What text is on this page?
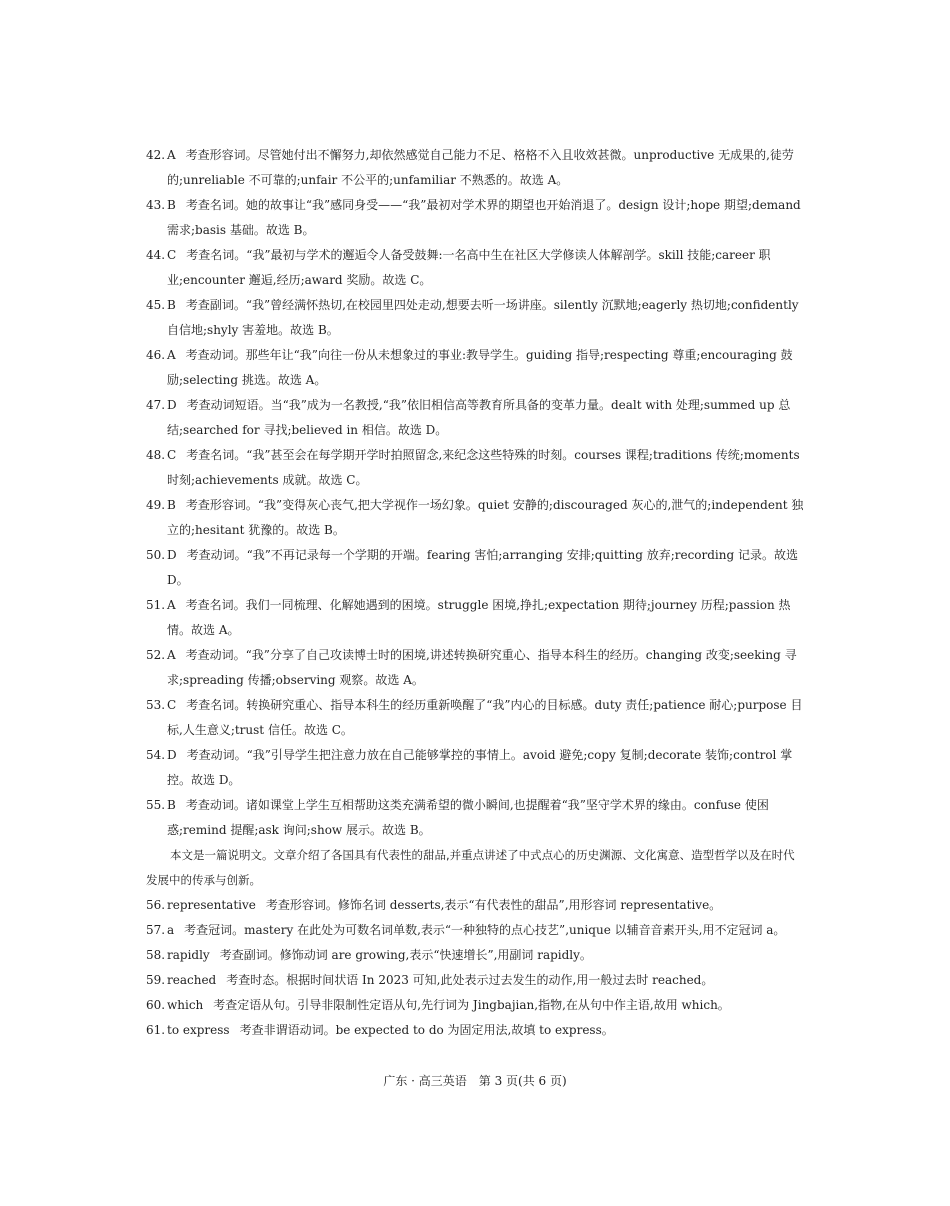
42. A 考查形容词。尽管她付出不懈努力,却依然感觉自己能力不足、格格不入且收效甚微。unproductive 无成果的,徒劳的;unreliable 不可靠的;unfair 不公平的;unfamiliar 不熟悉的。故选 A。

43. B 考查名词。她的故事让“我”感同身受——“我”最初对学术界的期望也开始消退了。design 设计;hope 期望;demand 需求;basis 基础。故选 B。

44. C 考查名词。“我”最初与学术的邂逅令人备受鼓舞:一名高中生在社区大学修读人体解剖学。skill 技能;career 职业;encounter 邂逅,经历;award 奖励。故选 C。

45. B 考查副词。“我”曾经满怀热切,在校园里四处走动,想要去听一场讲座。silently 沉默地;eagerly 热切地;confidently 自信地;shyly 害羞地。故选 B。

46. A 考查动词。那些年让“我”向往一份从未想象过的事业:教导学生。guiding 指导;respecting 尊重;encouraging 鼓励;selecting 挑选。故选 A。

47. D 考查动词短语。当“我”成为一名教授,“我”依旧相信高等教育所具备的变革力量。dealt with 处理;summed up 总结;searched for 寻找;believed in 相信。故选 D。

48. C 考查名词。“我”甚至会在每学期开学时拍照留念,来纪念这些特殊的时刻。courses 课程;traditions 传统;moments 时刻;achievements 成就。故选 C。

49. B 考查形容词。“我”变得灰心丧气,把大学视作一场幻象。quiet 安静的;discouraged 灰心的,泄气的;independent 独立的;hesitant 犹豫的。故选 B。

50. D 考查动词。“我”不再记录每一个学期的开端。fearing 害怕;arranging 安排;quitting 放弃;recording 记录。故选 D。

51. A 考查名词。我们一同梳理、化解她遇到的困境。struggle 困境,挣扎;expectation 期待;journey 历程;passion 热情。故选 A。

52. A 考查动词。“我”分享了自己攻读博士时的困境,讲述转换研究重心、指导本科生的经历。changing 改变;seeking 寻求;spreading 传播;observing 观察。故选 A。

53. C 考查名词。转换研究重心、指导本科生的经历重新唤醒了“我”内心的目标感。duty 责任;patience 耐心;purpose 目标,人生意义;trust 信任。故选 C。

54. D 考查动词。“我”引导学生把注意力放在自己能够掌控的事情上。avoid 避免;copy 复制;decorate 装饰;control 掌控。故选 D。

55. B 考查动词。诸如课堂上学生互相帮助这类充满希望的微小瞬间,也提醒着“我”坚守学术界的缘由。confuse 使困惑;remind 提醒;ask 询问;show 展示。故选 B。

本文是一篇说明文。文章介绍了各国具有代表性的甜品,并重点讲述了中式点心的历史渊源、文化寓意、造型哲学以及在时代发展中的传承与创新。

56. representative 考查形容词。修饰名词 desserts,表示“有代表性的甜品”,用形容词 representative。

57. a 考查冠词。mastery 在此处为可数名词单数,表示“一种独特的点心技艺”,unique 以辅音音素开头,用不定冠词 a。

58. rapidly 考查副词。修饰动词 are growing,表示“快速增长”,用副词 rapidly。

59. reached 考查时态。根据时间状语 In 2023 可知,此处表示过去发生的动作,用一般过去时 reached。

60. which 考查定语从句。引导非限制性定语从句,先行词为 Jingbajian,指物,在从句中作主语,故用 which。

61. to express 考查非谓语动词。be expected to do 为固定用法,故填 to express。

广东 · 高三英语　第 3 页(共 6 页)
